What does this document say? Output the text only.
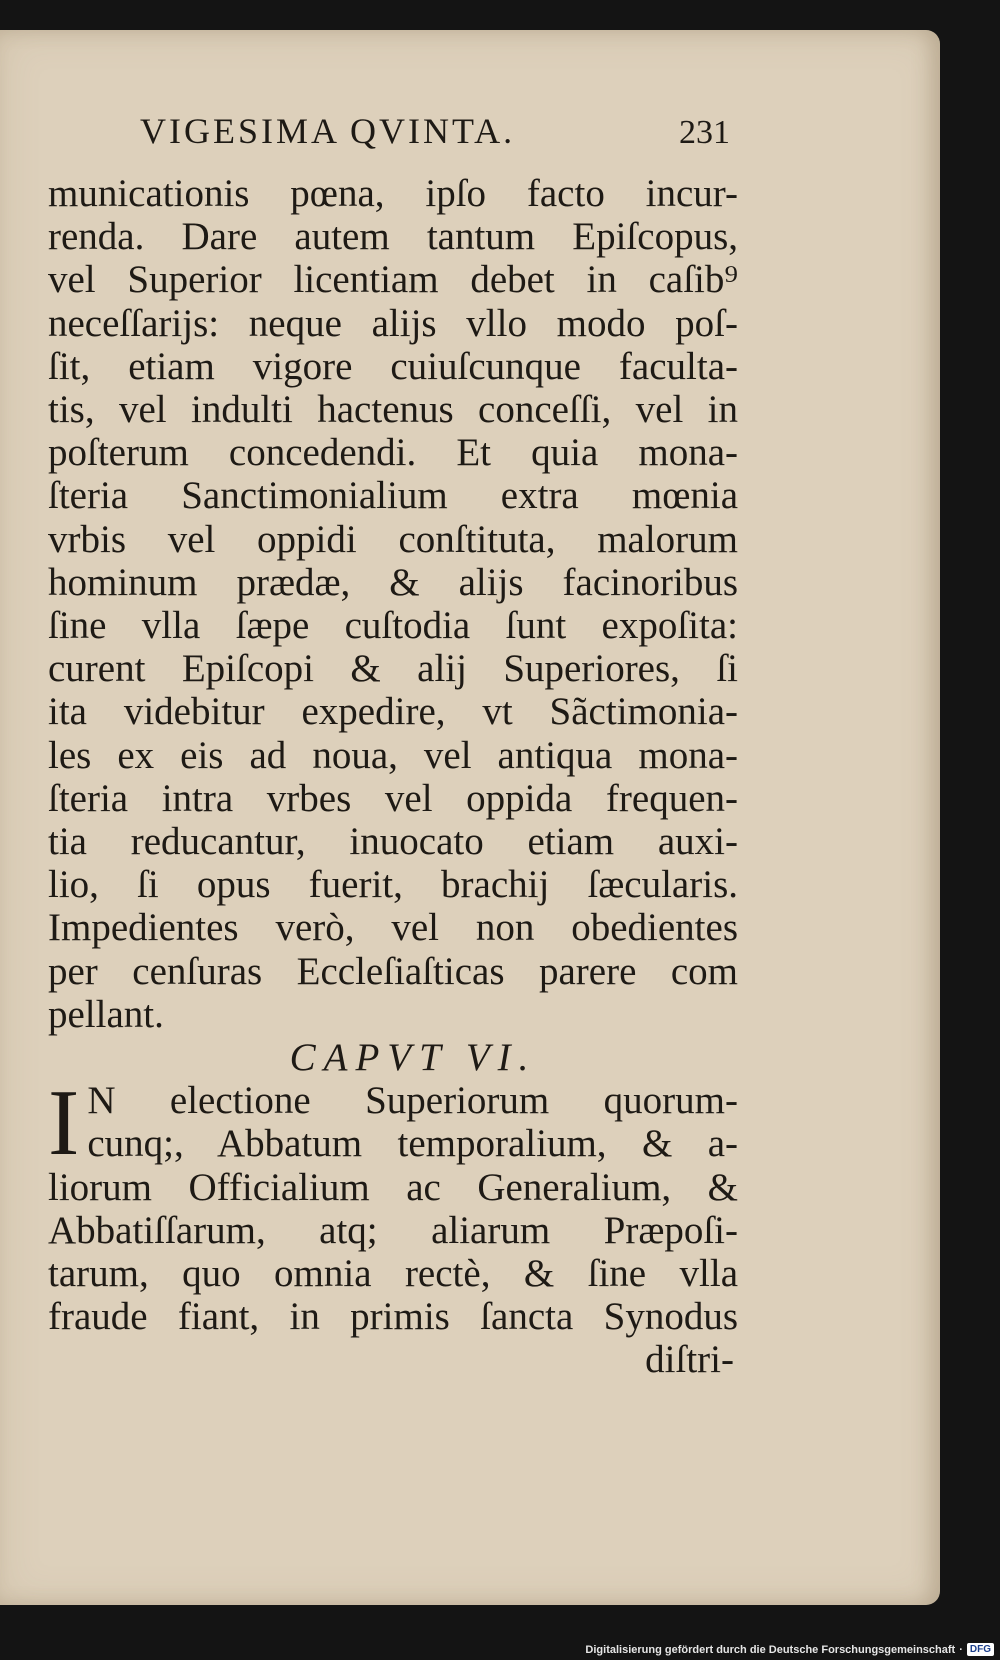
VIGESIMA QVINTA.	231
municationis pœna, ipſo facto incur-
renda. Dare autem tantum Epiſcopus,
vel Superior licentiam debet in caſib⁹
neceſſarijs: neque alijs vllo modo poſ-
ſit, etiam vigore cuiuſcunque faculta-
tis, vel indulti hactenus conceſſi, vel in
poſterum concedendi. Et quia mona-
ſteria Sanctimonialium extra mœnia
vrbis vel oppidi conſtituta, malorum
hominum prædæ, & alijs facinoribus
ſine vlla ſæpe cuſtodia ſunt expoſita:
curent Epiſcopi & alij Superiores, ſi
ita videbitur expedire, vt Sãctimonia-
les ex eis ad noua, vel antiqua mona-
ſteria intra vrbes vel oppida frequen-
tia reducantur, inuocato etiam auxi-
lio, ſi opus fuerit, brachij ſæcularis.
Impedientes verò, vel non obedientes
per cenſuras Eccleſiaſticas parere com
pellant.
CAPVT VI.
I N electione Superiorum quorum-
cunq;, Abbatum temporalium, & a-
liorum Officialium ac Generalium, &
Abbatiſſarum, atq; aliarum Præpoſi-
tarum, quo omnia rectè, & ſine vlla
fraude fiant, in primis ſancta Synodus
diſtri-
Digitalisierung gefördert durch die Deutsche Forschungsgemeinschaft · DFG
